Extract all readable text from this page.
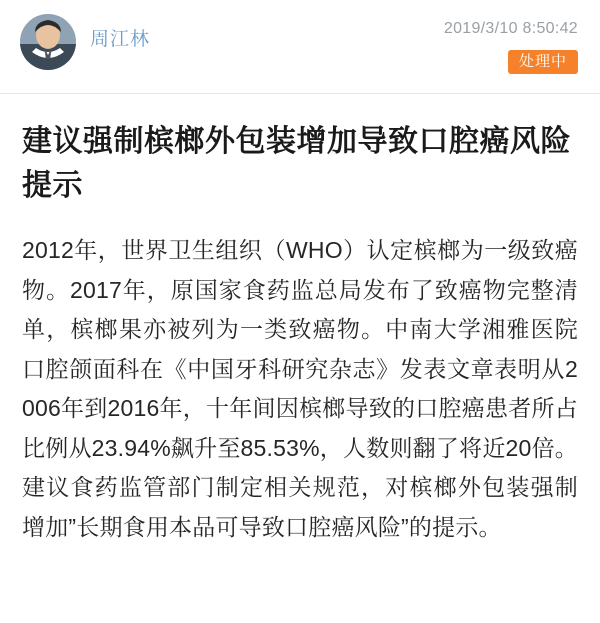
周江林
2019/3/10 8:50:42
处理中
建议强制槟榔外包装增加导致口腔癌风险提示

2012年，世界卫生组织（WHO）认定槟榔为一级致癌物。2017年，原国家食药监总局发布了致癌物完整清单，槟榔果亦被列为一类致癌物。中南大学湘雅医院口腔颌面科在《中国牙科研究杂志》发表文章表明从2006年到2016年，十年间因槟榔导致的口腔癌患者所占比例从23.94%飙升至85.53%，人数则翻了将近20倍。建议食药监管部门制定相关规范，对槟榔外包装强制增加”长期食用本品可导致口腔癌风险”的提示。
